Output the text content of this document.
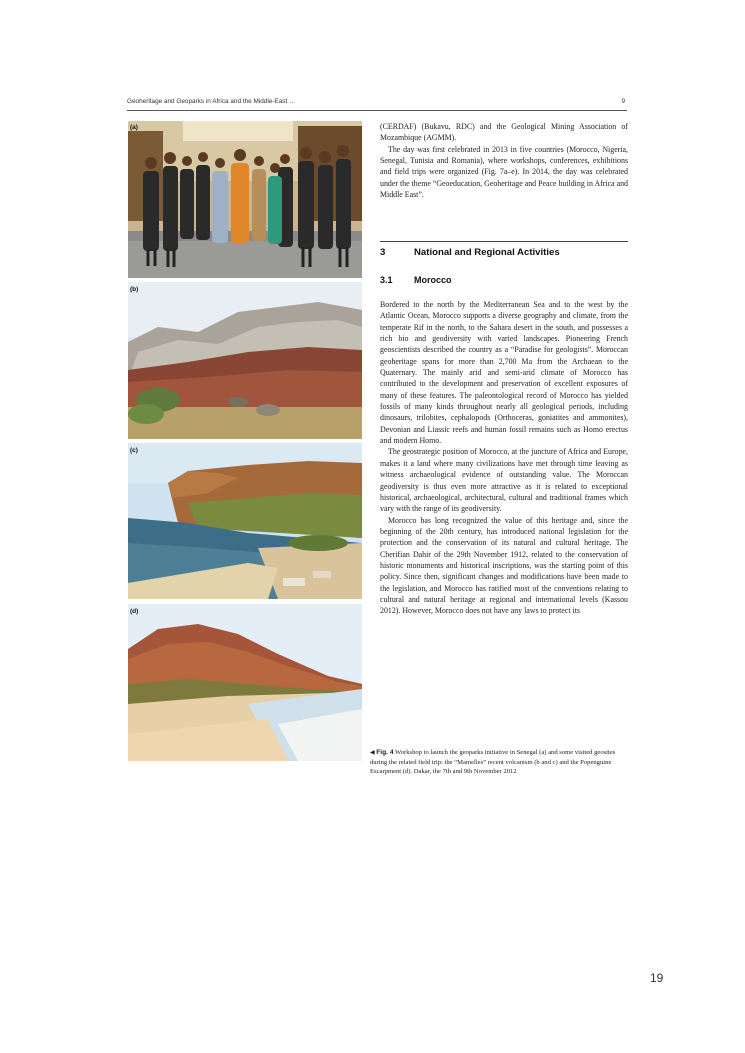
Geoheritage and Geoparks in Africa and the Middle-East …	9
(a)
(b)
(c)
(d)

(CERDAF) (Bukavu, RDC) and the Geological Mining Association of Mozambique (AGMM).

The day was first celebrated in 2013 in five countries (Morocco, Nigeria, Senegal, Tunisia and Romania), where workshops, conferences, exhibitions and field trips were organized (Fig. 7a–e). In 2014, the day was celebrated under the theme “Geoeducation, Geoheritage and Peace building in Africa and Middle East”.

3	National and Regional Activities
3.1 Morocco

Bordered to the north by the Mediterranean Sea and to the west by the Atlantic Ocean, Morocco supports a diverse geography and climate, from the temperate Rif in the north, to the Sahara desert in the south, and possesses a rich bio and geodiversity with varied landscapes. Pioneering French geoscientists described the country as a “Paradise for geologists”. Moroccan geoheritage spans for more than 2,700 Ma from the Archaean to the Quaternary. The mainly arid and semi-arid climate of Morocco has contributed to the development and preservation of excellent exposures of many of these features. The paleontological record of Morocco has yielded fossils of many kinds throughout nearly all geological periods, including dinosaurs, trilobites, cephalopods (Orthoceras, goniatites and ammonites), Devonian and Liassic reefs and human fossil remains such as Homo erectus and modern Homo.

The geostrategic position of Morocco, at the juncture of Africa and Europe, makes it a land where many civilizations have met through time leaving as witness archaeological evidence of outstanding value. The Moroccan geodiversity is thus even more attractive as it is related to exceptional historical, archaeological, architectural, cultural and traditional frames which vary with the range of its geodiversity.

Morocco has long recognized the value of this heritage and, since the beginning of the 20th century, has introduced national legislation for the protection and the conservation of its natural and cultural heritage. The Cherifian Dahir of the 29th November 1912, related to the conservation of historic monuments and historical inscriptions, was the starting point of this policy. Since then, significant changes and modifications have been made to the legislation, and Morocco has ratified most of the conventions relating to cultural and natural heritage at regional and international levels (Kassou 2012). However, Morocco does not have any laws to protect its

◀ Fig. 4 Workshop to launch the geoparks initiative in Senegal (a) and some visited geosites during the related field trip: the “Mamelles” recent volcanism (b and c) and the Popenguine Escarpment (d). Dakar, the 7th and 9th November 2012
19
